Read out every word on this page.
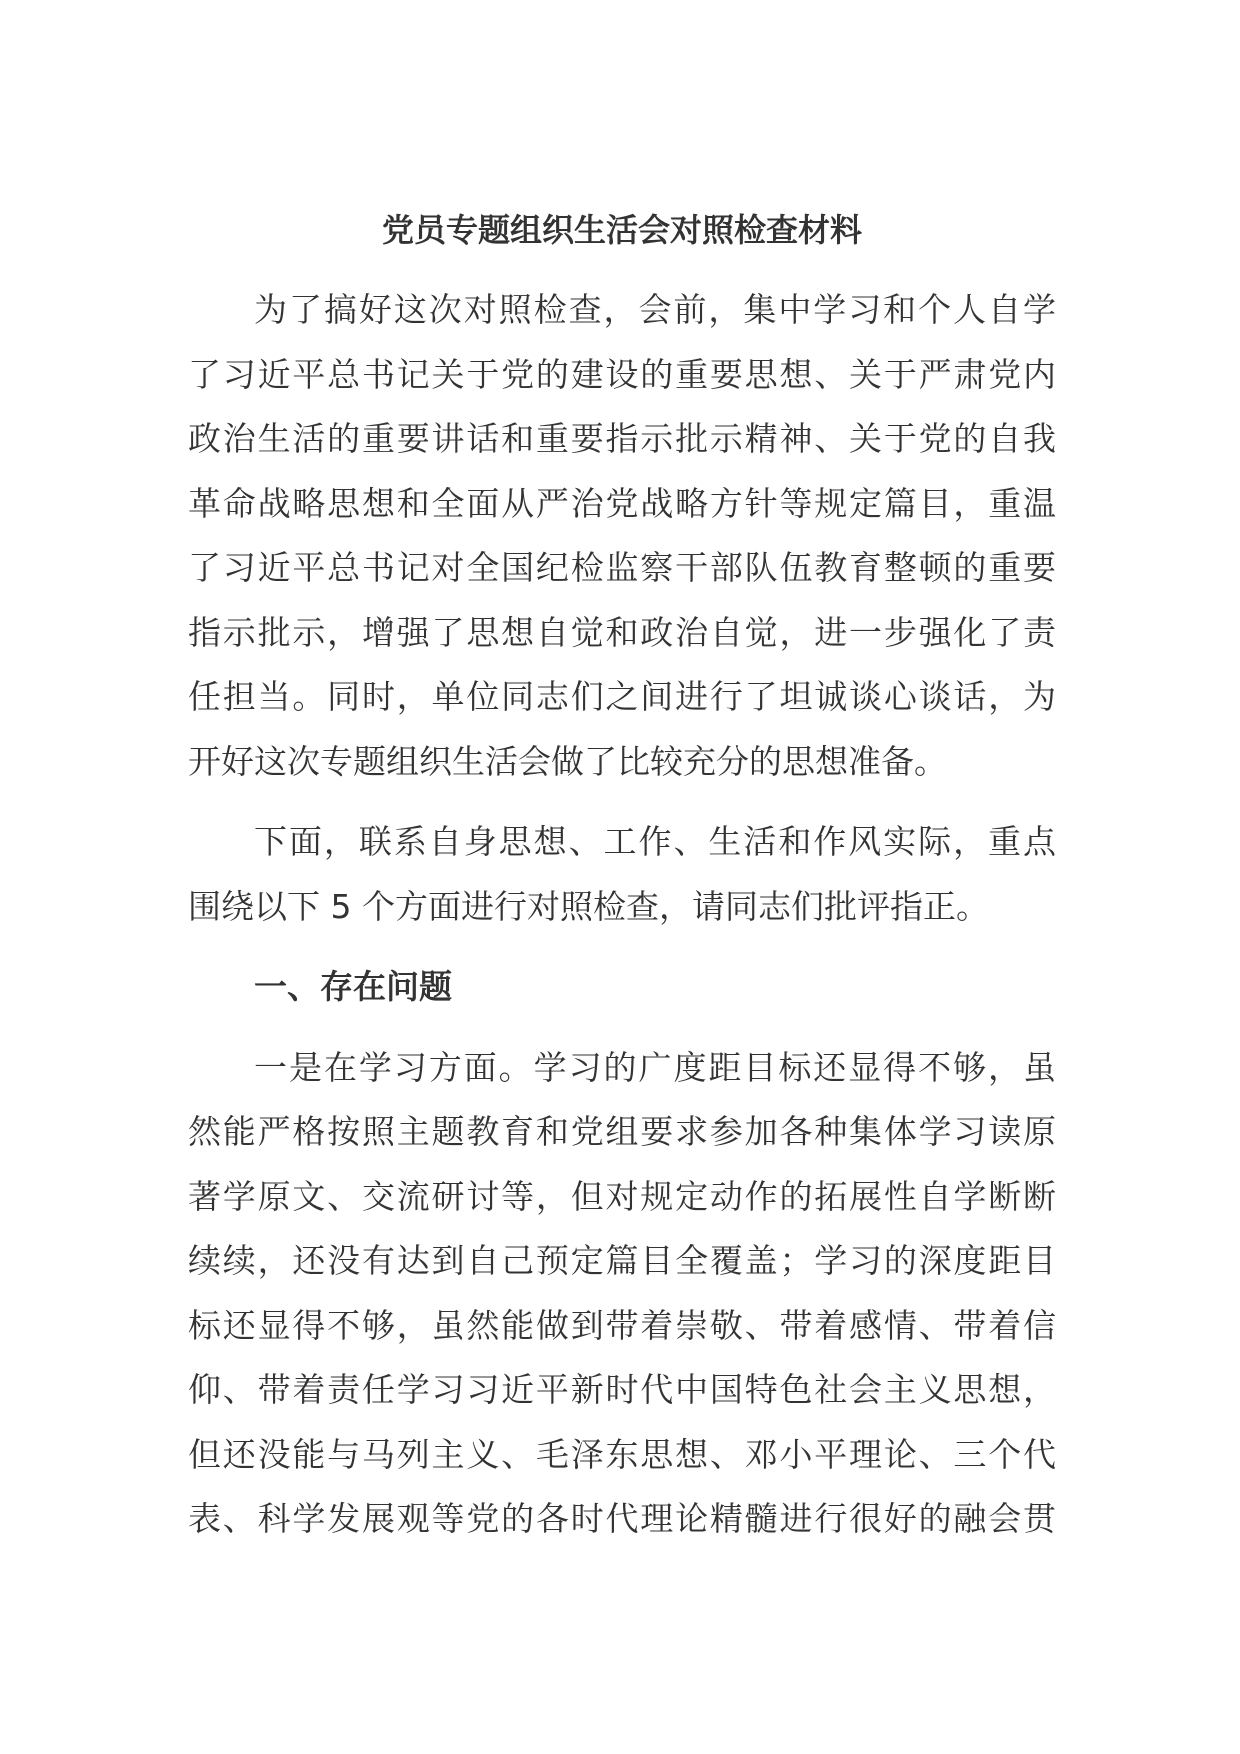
党员专题组织生活会对照检查材料
为了搞好这次对照检查，会前，集中学习和个人自学
了习近平总书记关于党的建设的重要思想、关于严肃党内
政治生活的重要讲话和重要指示批示精神、关于党的自我
革命战略思想和全面从严治党战略方针等规定篇目，重温
了习近平总书记对全国纪检监察干部队伍教育整顿的重要
指示批示，增强了思想自觉和政治自觉，进一步强化了责
任担当。同时，单位同志们之间进行了坦诚谈心谈话，为
开好这次专题组织生活会做了比较充分的思想准备。
下面，联系自身思想、工作、生活和作风实际，重点
围绕以下 5 个方面进行对照检查，请同志们批评指正。
一、存在问题
一是在学习方面。学习的广度距目标还显得不够，虽
然能严格按照主题教育和党组要求参加各种集体学习读原
著学原文、交流研讨等，但对规定动作的拓展性自学断断
续续，还没有达到自己预定篇目全覆盖；学习的深度距目
标还显得不够，虽然能做到带着崇敬、带着感情、带着信
仰、带着责任学习习近平新时代中国特色社会主义思想，
但还没能与马列主义、毛泽东思想、邓小平理论、三个代
表、科学发展观等党的各时代理论精髓进行很好的融会贯
